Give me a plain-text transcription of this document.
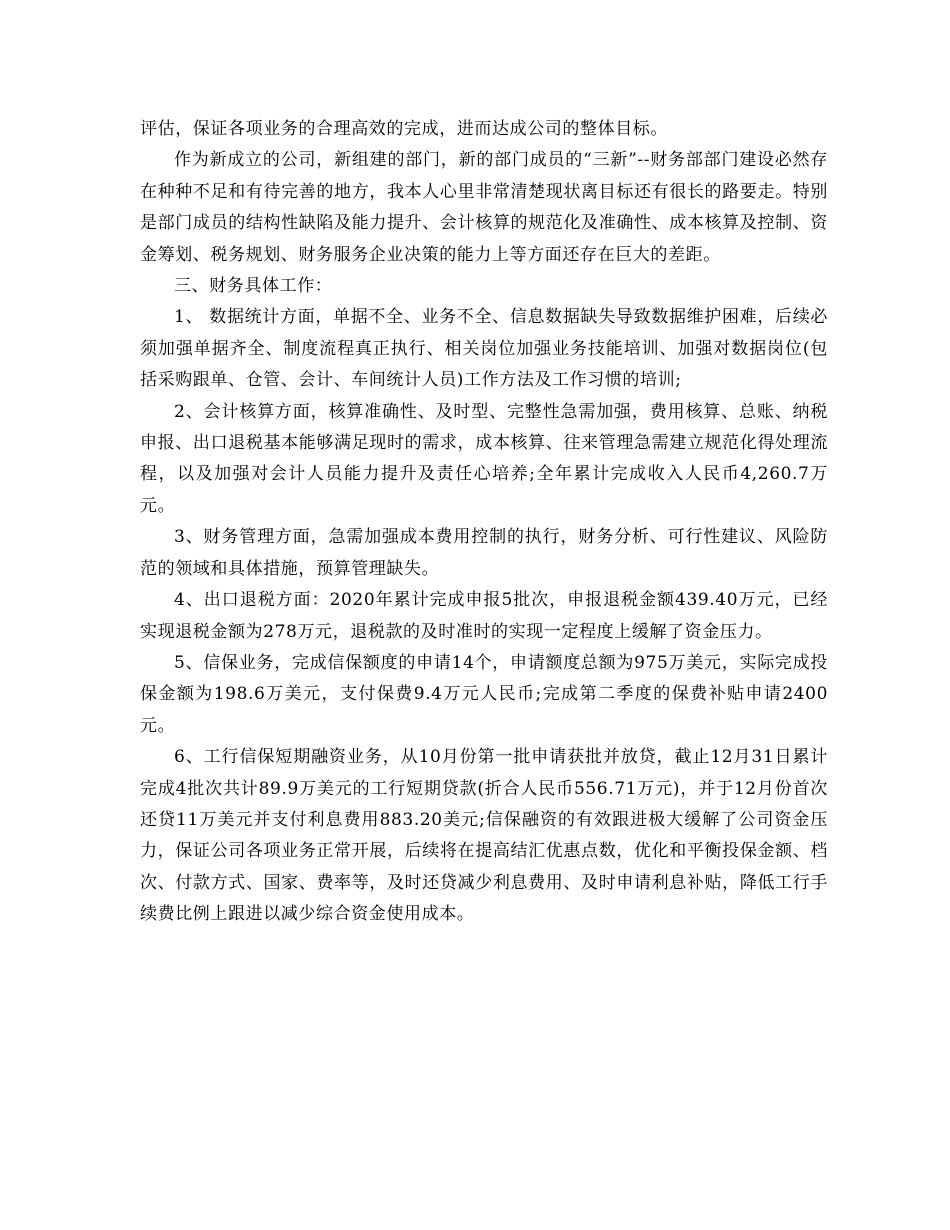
评估，保证各项业务的合理高效的完成，进而达成公司的整体目标。

作为新成立的公司，新组建的部门，新的部门成员的“三新”--财务部部门建设必然存在种种不足和有待完善的地方，我本人心里非常清楚现状离目标还有很长的路要走。特别是部门成员的结构性缺陷及能力提升、会计核算的规范化及准确性、成本核算及控制、资金筹划、税务规划、财务服务企业决策的能力上等方面还存在巨大的差距。

三、财务具体工作：

1、 数据统计方面，单据不全、业务不全、信息数据缺失导致数据维护困难，后续必须加强单据齐全、制度流程真正执行、相关岗位加强业务技能培训、加强对数据岗位(包括采购跟单、仓管、会计、车间统计人员)工作方法及工作习惯的培训;

2、会计核算方面，核算准确性、及时型、完整性急需加强，费用核算、总账、纳税申报、出口退税基本能够满足现时的需求，成本核算、往来管理急需建立规范化得处理流程，以及加强对会计人员能力提升及责任心培养;全年累计完成收入人民币4,260.7万元。

3、财务管理方面，急需加强成本费用控制的执行，财务分析、可行性建议、风险防范的领域和具体措施，预算管理缺失。

4、出口退税方面：2020年累计完成申报5批次，申报退税金额439.40万元，已经实现退税金额为278万元，退税款的及时准时的实现一定程度上缓解了资金压力。

5、信保业务，完成信保额度的申请14个，申请额度总额为975万美元，实际完成投保金额为198.6万美元，支付保费9.4万元人民币;完成第二季度的保费补贴申请2400元。

6、工行信保短期融资业务，从10月份第一批申请获批并放贷，截止12月31日累计完成4批次共计89.9万美元的工行短期贷款(折合人民币556.71万元)，并于12月份首次还贷11万美元并支付利息费用883.20美元;信保融资的有效跟进极大缓解了公司资金压力，保证公司各项业务正常开展，后续将在提高结汇优惠点数，优化和平衡投保金额、档次、付款方式、国家、费率等，及时还贷减少利息费用、及时申请利息补贴，降低工行手续费比例上跟进以减少综合资金使用成本。
